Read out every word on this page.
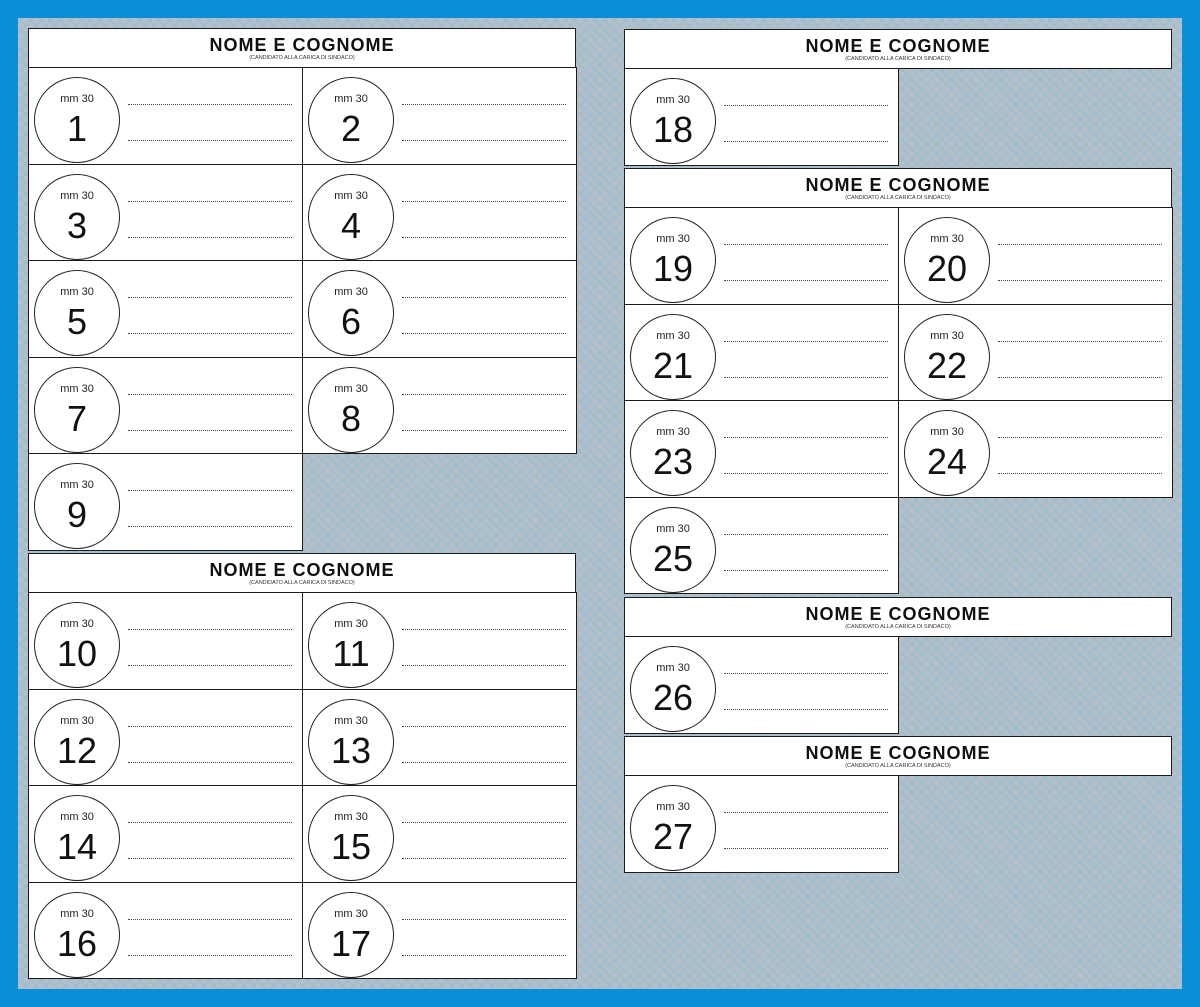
NOME E COGNOME
(CANDIDATO ALLA CARICA DI SINDACO)
mm 30
1
mm 30
2
mm 30
3
mm 30
4
mm 30
5
mm 30
6
mm 30
7
mm 30
8
mm 30
9
NOME E COGNOME
(CANDIDATO ALLA CARICA DI SINDACO)
mm 30
10
mm 30
11
mm 30
12
mm 30
13
mm 30
14
mm 30
15
mm 30
16
mm 30
17
NOME E COGNOME
(CANDIDATO ALLA CARICA DI SINDACO)
mm 30
18
NOME E COGNOME
(CANDIDATO ALLA CARICA DI SINDACO)
mm 30
19
mm 30
20
mm 30
21
mm 30
22
mm 30
23
mm 30
24
mm 30
25
NOME E COGNOME
(CANDIDATO ALLA CARICA DI SINDACO)
mm 30
26
NOME E COGNOME
(CANDIDATO ALLA CARICA DI SINDACO)
mm 30
27
